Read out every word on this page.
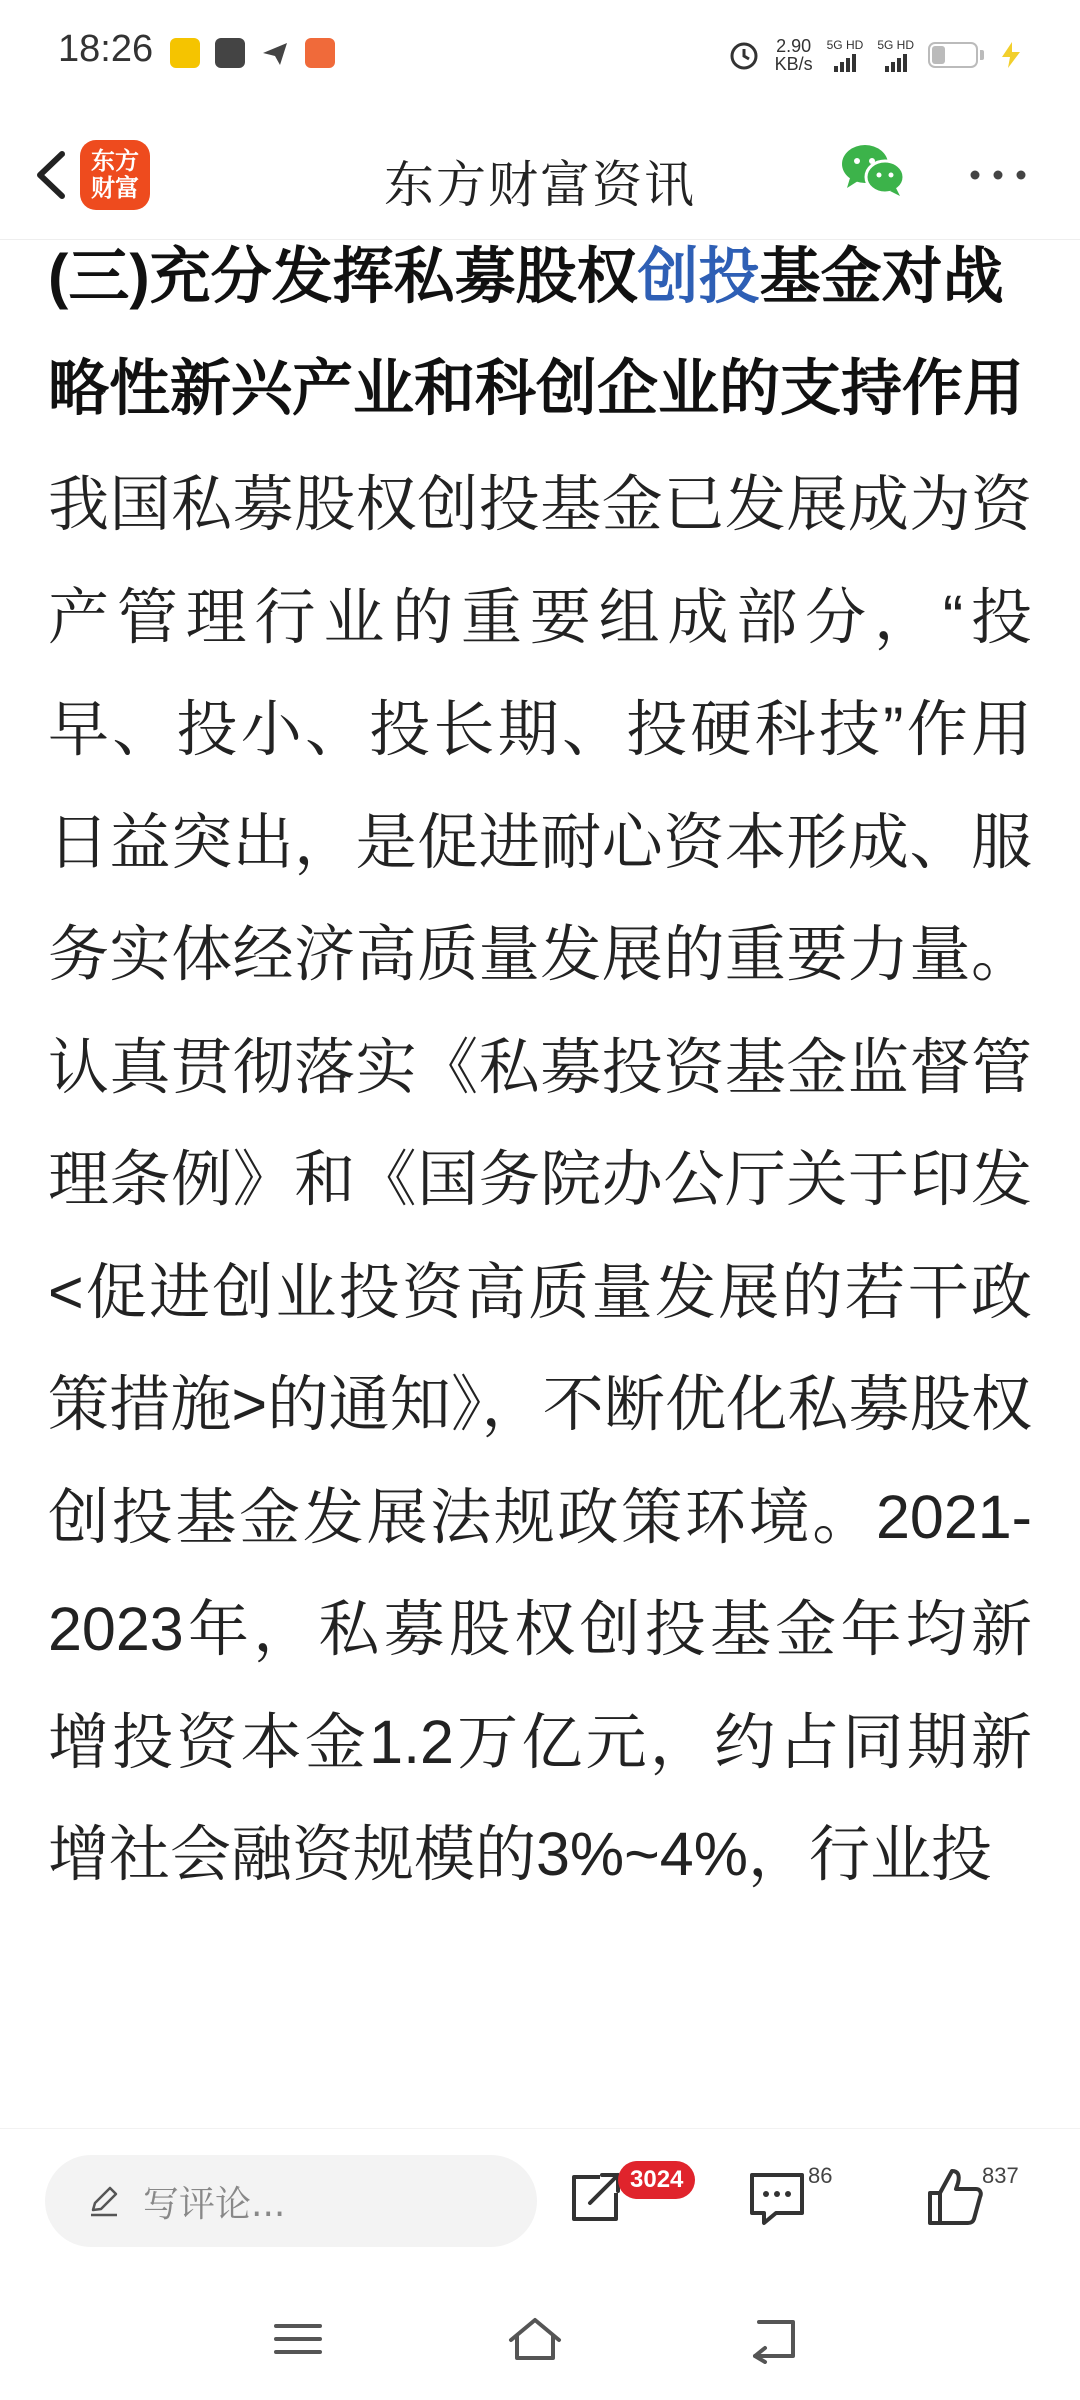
18:26	2.90
KB/s
5G HD 5G HD
东方
财富	东方财富资讯
(三)充分发挥私募股权创投基金对战略性新兴产业和科创企业的支持作用

我国私募股权创投基金已发展成为资产管理行业的重要组成部分，“投早、投小、投长期、投硬科技”作用日益突出，是促进耐心资本形成、服务实体经济高质量发展的重要力量。认真贯彻落实《私募投资基金监督管理条例》和《国务院办公厅关于印发<促进创业投资高质量发展的若干政策措施>的通知》，不断优化私募股权创投基金发展法规政策环境。2021-2023年，私募股权创投基金年均新增投资本金1.2万亿元，约占同期新增社会融资规模的3%~4%，行业投

写评论...
3024	86	837
